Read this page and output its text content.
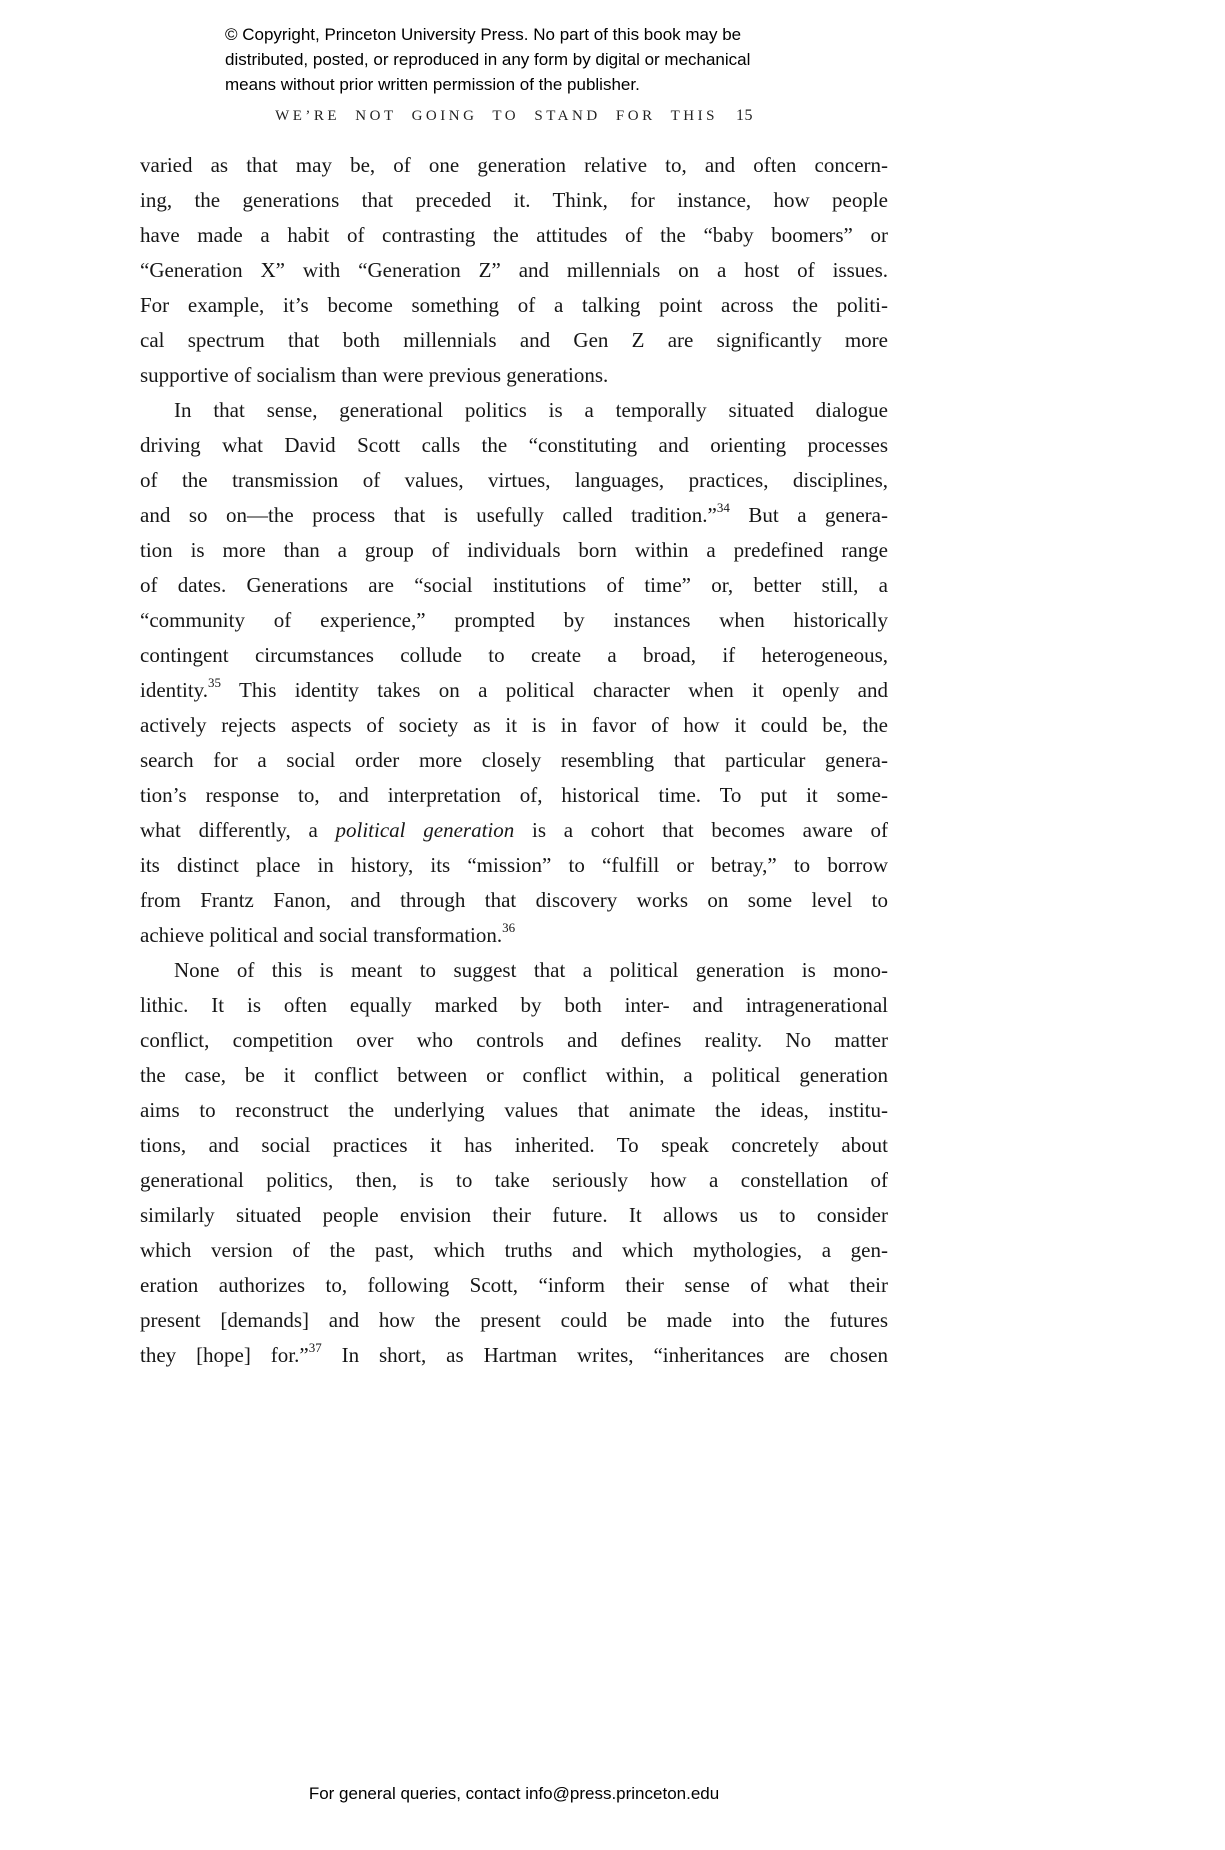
© Copyright, Princeton University Press. No part of this book may be
distributed, posted, or reproduced in any form by digital or mechanical
means without prior written permission of the publisher.
WE’RE NOT GOING TO STAND FOR THIS 15
varied as that may be, of one generation relative to, and often concern-
ing, the generations that preceded it. Think, for instance, how people
have made a habit of contrasting the attitudes of the “baby boomers” or
“Generation X” with “Generation Z” and millennials on a host of issues.
For example, it’s become something of a talking point across the politi-
cal spectrum that both millennials and Gen Z are significantly more
supportive of socialism than were previous generations.
In that sense, generational politics is a temporally situated dialogue
driving what David Scott calls the “constituting and orienting processes
of the transmission of values, virtues, languages, practices, disciplines,
and so on—the process that is usefully called tradition.”$^{34}$ But a genera-
tion is more than a group of individuals born within a predefined range
of dates. Generations are “social institutions of time” or, better still, a
“community of experience,” prompted by instances when historically
contingent circumstances collude to create a broad, if heterogeneous,
identity.$^{35}$ This identity takes on a political character when it openly and
actively rejects aspects of society as it is in favor of how it could be, the
search for a social order more closely resembling that particular genera-
tion’s response to, and interpretation of, historical time. To put it some-
what differently, a political generation is a cohort that becomes aware of
its distinct place in history, its “mission” to “fulfill or betray,” to borrow
from Frantz Fanon, and through that discovery works on some level to
achieve political and social transformation.$^{36}$
None of this is meant to suggest that a political generation is mono-
lithic. It is often equally marked by both inter- and intragenerational
conflict, competition over who controls and defines reality. No matter
the case, be it conflict between or conflict within, a political generation
aims to reconstruct the underlying values that animate the ideas, institu-
tions, and social practices it has inherited. To speak concretely about
generational politics, then, is to take seriously how a constellation of
similarly situated people envision their future. It allows us to consider
which version of the past, which truths and which mythologies, a gen-
eration authorizes to, following Scott, “inform their sense of what their
present [demands] and how the present could be made into the futures
they [hope] for.”$^{37}$ In short, as Hartman writes, “inheritances are chosen
For general queries, contact info@press.princeton.edu
